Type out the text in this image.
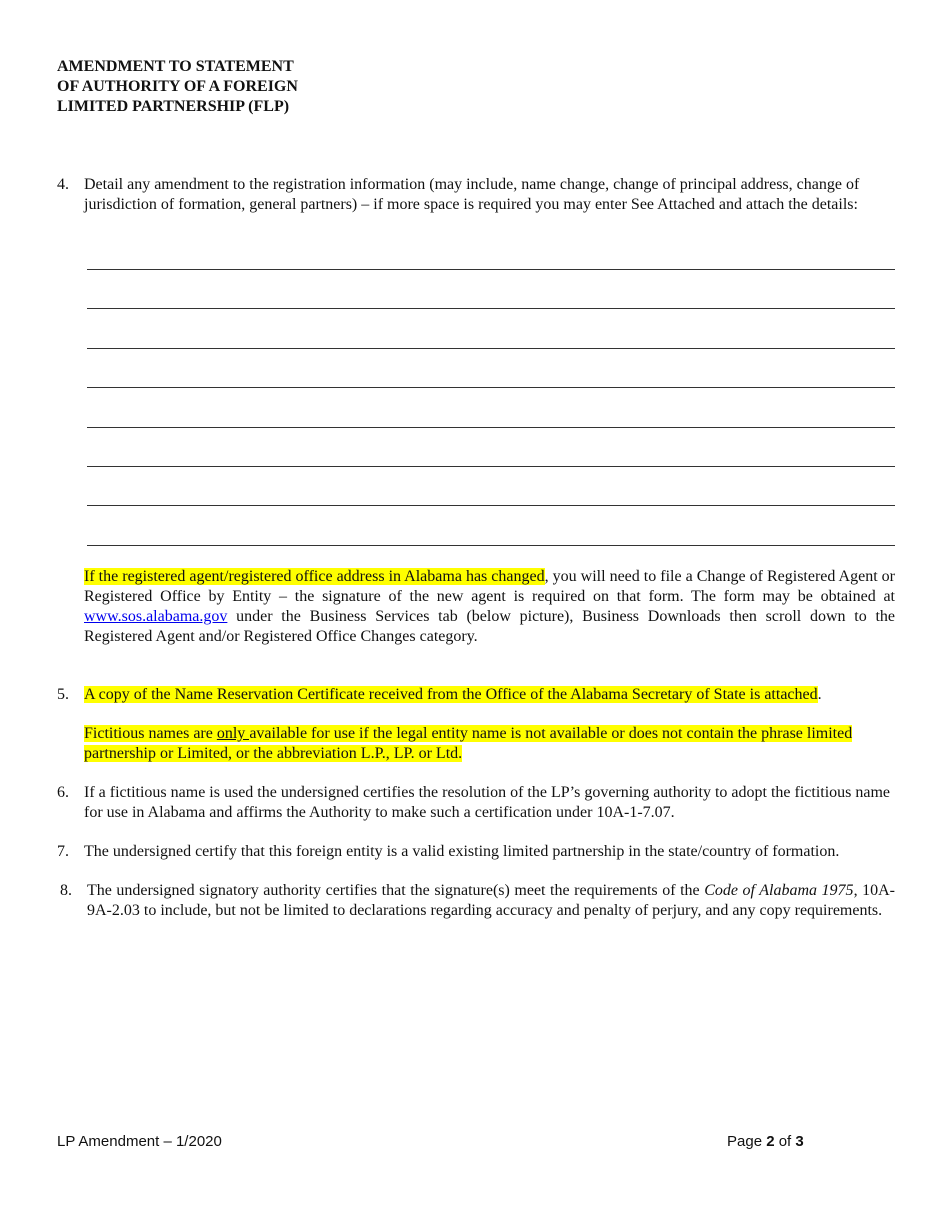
AMENDMENT TO STATEMENT
OF AUTHORITY OF A FOREIGN
LIMITED PARTNERSHIP (FLP)
4. Detail any amendment to the registration information (may include, name change, change of principal address, change of jurisdiction of formation, general partners) – if more space is required you may enter See Attached and attach the details:
If the registered agent/registered office address in Alabama has changed, you will need to file a Change of Registered Agent or Registered Office by Entity – the signature of the new agent is required on that form. The form may be obtained at www.sos.alabama.gov under the Business Services tab (below picture), Business Downloads then scroll down to the Registered Agent and/or Registered Office Changes category.
5. A copy of the Name Reservation Certificate received from the Office of the Alabama Secretary of State is attached.
Fictitious names are only available for use if the legal entity name is not available or does not contain the phrase limited partnership or Limited, or the abbreviation L.P., LP. or Ltd.
6. If a fictitious name is used the undersigned certifies the resolution of the LP’s governing authority to adopt the fictitious name for use in Alabama and affirms the Authority to make such a certification under 10A-1-7.07.
7. The undersigned certify that this foreign entity is a valid existing limited partnership in the state/country of formation.
8. The undersigned signatory authority certifies that the signature(s) meet the requirements of the Code of Alabama 1975, 10A-9A-2.03 to include, but not be limited to declarations regarding accuracy and penalty of perjury, and any copy requirements.
LP Amendment – 1/2020	Page 2 of 3
